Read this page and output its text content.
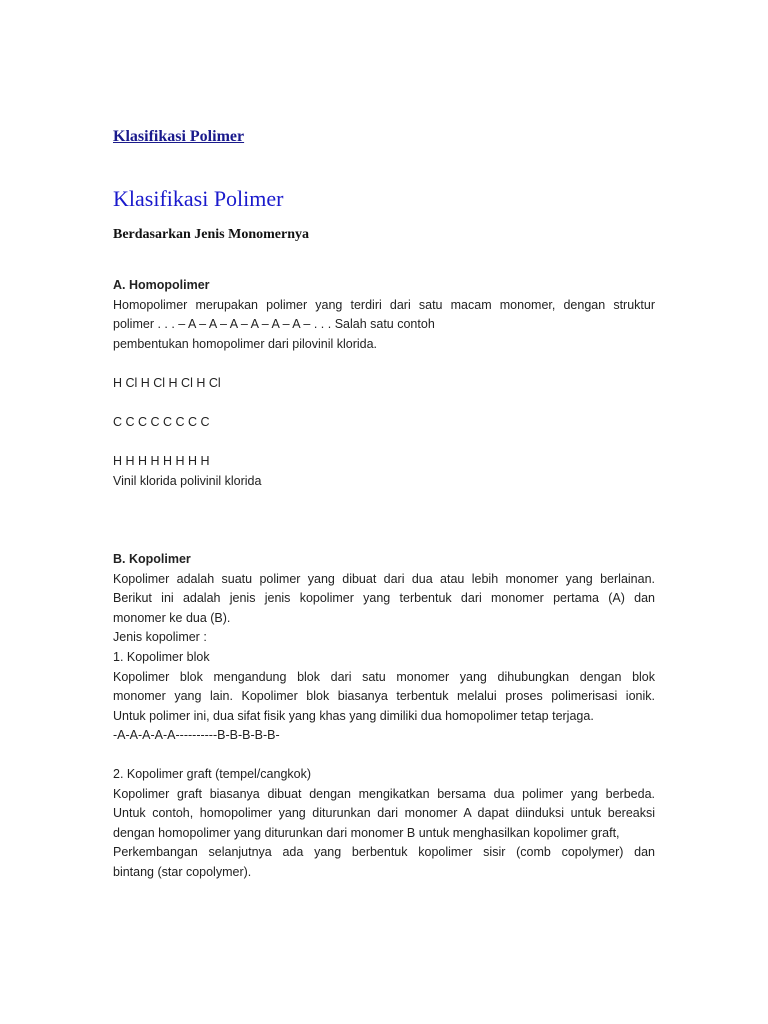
Klasifikasi Polimer
Klasifikasi Polimer
Berdasarkan Jenis Monomernya
A. Homopolimer
Homopolimer merupakan polimer yang terdiri dari satu macam monomer, dengan struktur
polimer . . . – A – A – A – A – A – A – . . . Salah satu contoh
pembentukan homopolimer dari pilovinil klorida.
H Cl H Cl H Cl H Cl
C C C C C C C C
H H H H H H H H
Vinil klorida polivinil klorida
B. Kopolimer
Kopolimer adalah suatu polimer yang dibuat dari dua atau lebih monomer yang berlainan.
Berikut ini adalah jenis jenis kopolimer yang terbentuk dari monomer pertama (A) dan
monomer ke dua (B).
Jenis kopolimer :
1. Kopolimer blok
Kopolimer blok mengandung blok dari satu monomer yang dihubungkan dengan blok
monomer yang lain. Kopolimer blok biasanya terbentuk melalui proses polimerisasi ionik.
Untuk polimer ini, dua sifat fisik yang khas yang dimiliki dua homopolimer tetap terjaga.
-A-A-A-A-A----------B-B-B-B-B-
2. Kopolimer graft (tempel/cangkok)
Kopolimer graft biasanya dibuat dengan mengikatkan bersama dua polimer yang berbeda.
Untuk contoh, homopolimer yang diturunkan dari monomer A dapat diinduksi untuk bereaksi
dengan homopolimer yang diturunkan dari monomer B untuk menghasilkan kopolimer graft,
Perkembangan selanjutnya ada yang berbentuk kopolimer sisir (comb copolymer) dan
bintang (star copolymer).
